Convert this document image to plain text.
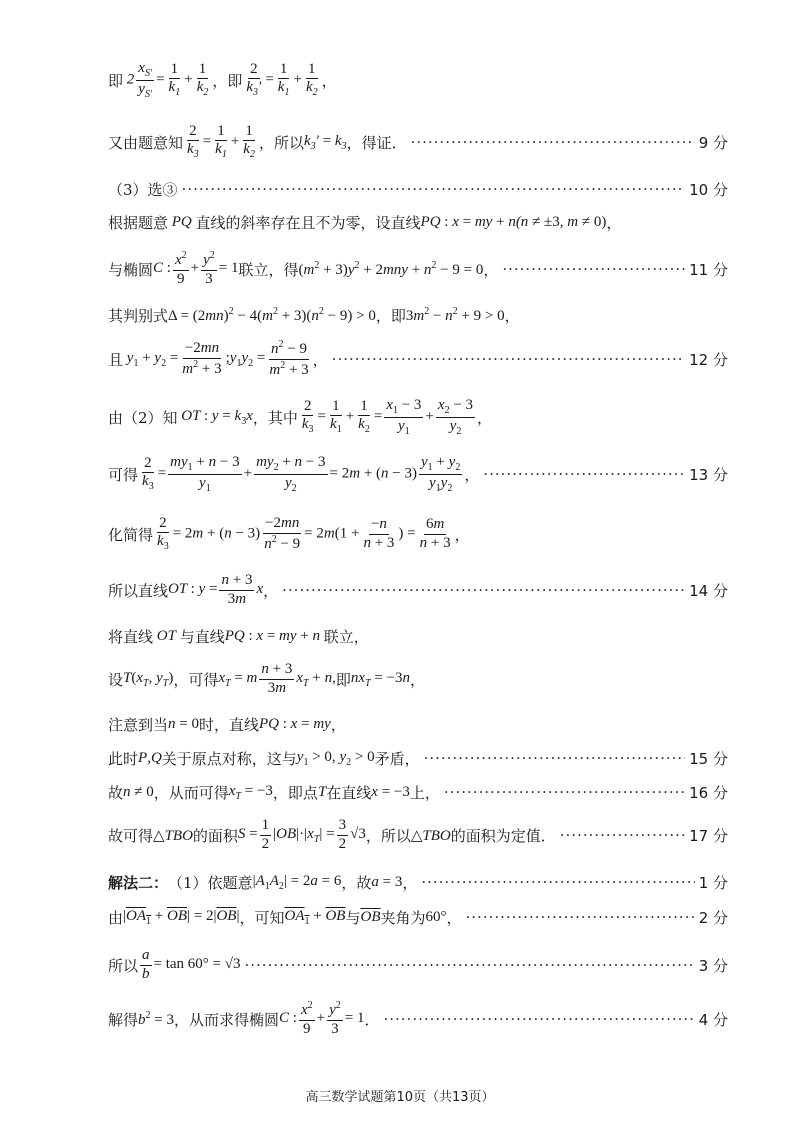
即 $2 \frac{x_{S'}}{y_{S'}} = \frac{1}{k_1} + \frac{1}{k_2}$ ，即 $\frac{2}{k_3'} = \frac{1}{k_1} + \frac{1}{k_2}$ ，
又由题意知 $\frac{2}{k_3} = \frac{1}{k_1} + \frac{1}{k_2}$ ，所以 $k_3' = k_3$ ，得证． ·····	9 分
（3）选③ ·····	10 分
根据题意 PQ 直线的斜率存在且不为零，设直线 PQ : x = my + n(n ≠ ±3, m ≠ 0) ，
与椭圆 C : $\frac{x^2}{9} + \frac{y^2}{3} = 1$ 联立，得 $(m^2 + 3)y^2 + 2mny + n^2 - 9 = 0$ ， ·····	11 分
其判别式 $\Delta = (2mn)^2 - 4(m^2 + 3)(n^2 - 9) > 0$ ，即 $3m^2 - n^2 + 9 > 0$ ，
且 $y_1 + y_2 = \frac{-2mn}{m^2 + 3}$ $;y_1y_2 = \frac{n^2 - 9}{m^2 + 3}$ ， ·····	12 分
由（2）知 OT : $y = k_3x$ ，其中 $\frac{2}{k_3} = \frac{1}{k_1} + \frac{1}{k_2} = \frac{x_1 - 3}{y_1} + \frac{x_2 - 3}{y_2}$ ，
可得 $\frac{2}{k_3} = \frac{my_1 + n - 3}{y_1} + \frac{my_2 + n - 3}{y_2} = 2m + (n - 3) \frac{y_1 + y_2}{y_1y_2}$ ， ·····	13 分
化简得 $\frac{2}{k_3} = 2m + (n - 3) \frac{-2mn}{n^2 - 9} = 2m(1 + \frac{-n}{n + 3}$ ) = $\frac{6m}{n + 3}$ ，
所以直线 OT : $y = \frac{n + 3}{3m}$ x ， ·····	14 分
将直线 OT 与直线 PQ : x = my + n 联立，
设 $T(x_T$, $y_T$) ，可得 $x_T = m \frac{n + 3}{3m} x_T + n$, 即 $nx_T = -3n$ ，
注意到当 n = 0 时，直线 PQ : x = my ，
此时 P,Q 关于原点对称，这与 $y_1 > 0$, $y_2 > 0$ 矛盾， ·····	15 分
故 n ≠ 0 ，从而可得 $x_T = -3$ ，即点 T 在直线 x = −3 上， ·····	16 分
故可得 △TBO 的面积 $S = \frac{1}{2} |OB|\cdot|x_T| = \frac{3}{2} √3$ ，所以 △TBO 的面积为定值． ·····	17 分
解法二： （1）依题意 $|A_1A_2| = 2a = 6$ ，故 a = 3 ， ·····	1 分
由 $|OA_1 + \overline{OB}| = 2|\overline{OB}|$ ，可知 $OA_1 + \overline{OB}$ 与 $\overline{OB}$ 夹角为 60° ， ·····	2 分
所以 $\frac{a}{b} = \tan 60^\circ = √3$ ·····	3 分
解得 $b^2 = 3$ ，从而求得椭圆 C : $\frac{x^2}{9} + \frac{y^2}{3} = 1$ ． ·····	4 分
高三数学试题第10页（共13页）
